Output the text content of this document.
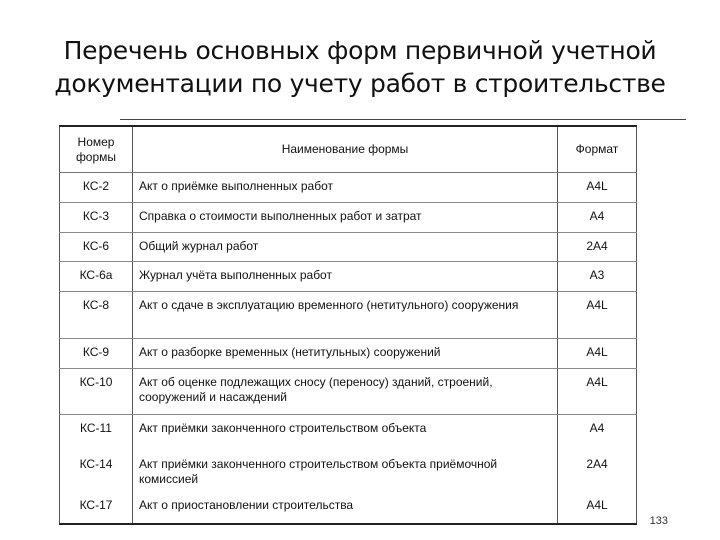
Перечень основных форм первичной учетной
документации по учету работ в строительстве
Номер формы	Наименование формы	Формат
КС-2	Акт о приёмке выполненных работ	А4L
КС-3	Справка о стоимости выполненных работ и затрат	А4
КС-6	Общий журнал работ	2А4
КС-6а	Журнал учёта выполненных работ	А3
КС-8	Акт о сдаче в эксплуатацию временного (нетитульного) сооружения	А4L
КС-9	Акт о разборке временных (нетитульных) сооружений	А4L
КС-10	Акт об оценке подлежащих сносу (переносу) зданий, строений, сооружений и насаждений	А4L
КС-11	Акт приёмки законченного строительством объекта	А4
КС-14	Акт приёмки законченного строительством объекта приёмочной комиссией	2А4
КС-17	Акт о приостановлении строительства	А4L
133
